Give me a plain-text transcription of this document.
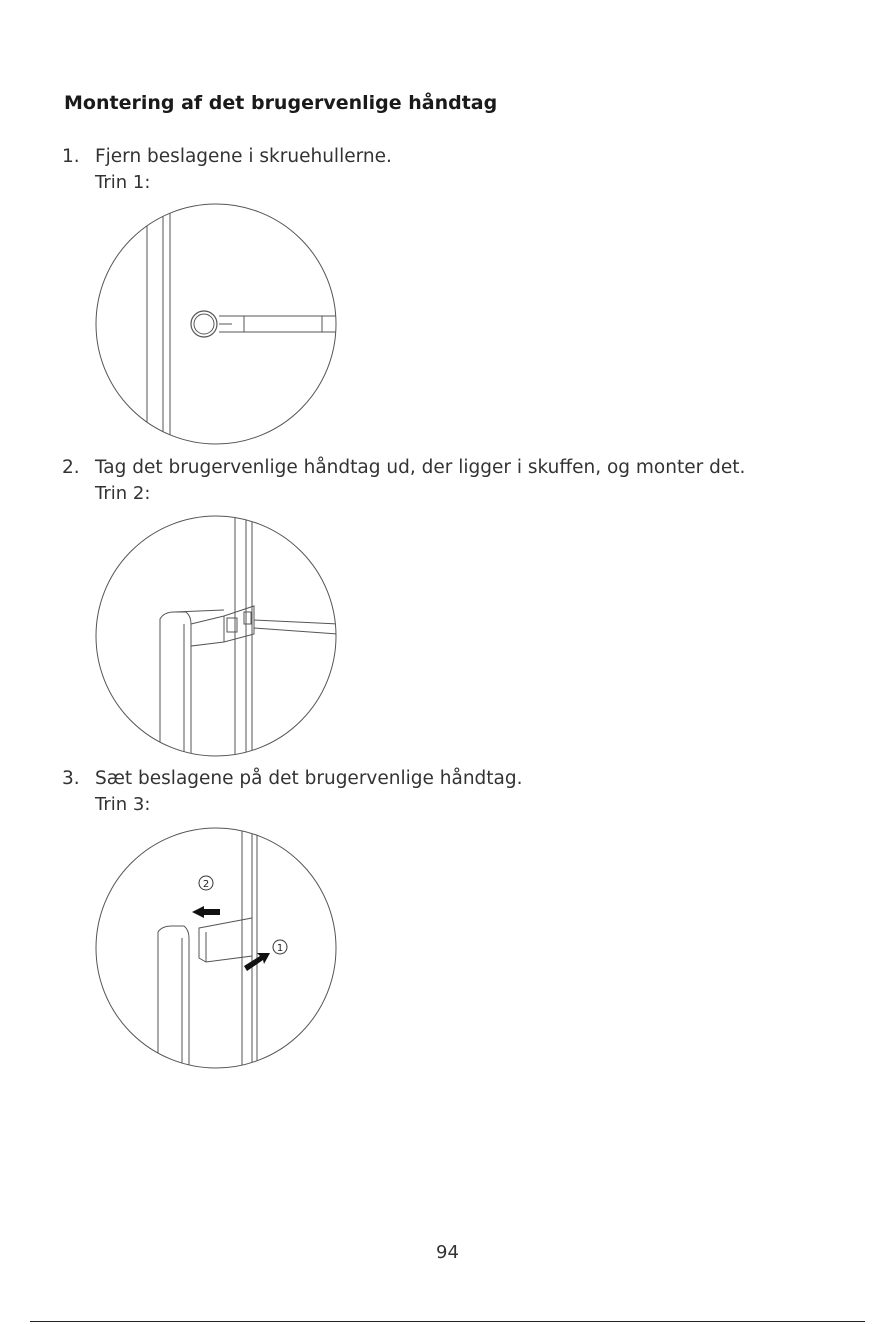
Montering af det brugervenlige håndtag
1. Fjern beslagene i skruehullerne.
Trin 1:
2. Tag det brugervenlige håndtag ud, der ligger i skuffen, og monter det.
Trin 2:
3. Sæt beslagene på det brugervenlige håndtag.
Trin 3:
2
1
94
